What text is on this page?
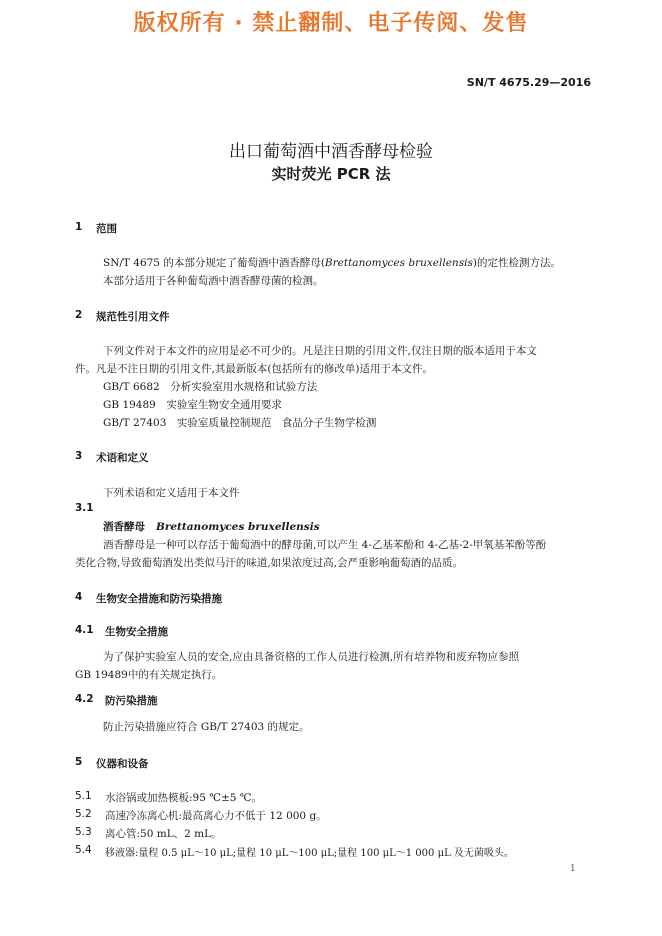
版权所有 · 禁止翻制、电子传阅、发售
SN/T 4675.29—2016
出口葡萄酒中酒香酵母检验
实时荧光 PCR 法
1 范围
SN/T 4675 的本部分规定了葡萄酒中酒香酵母(Brettanomyces bruxellensis)的定性检测方法。
本部分适用于各种葡萄酒中酒香酵母菌的检测。
2 规范性引用文件
下列文件对于本文件的应用是必不可少的。凡是注日期的引用文件,仅注日期的版本适用于本文
件。凡是不注日期的引用文件,其最新版本(包括所有的修改单)适用于本文件。
GB/T 6682　分析实验室用水规格和试验方法
GB 19489　实验室生物安全通用要求
GB/T 27403　实验室质量控制规范　食品分子生物学检测
3 术语和定义
下列术语和定义适用于本文件
3.1
酒香酵母 Brettanomyces bruxellensis
酒香酵母是一种可以存活于葡萄酒中的酵母菌,可以产生 4-乙基苯酚和 4-乙基-2-甲氧基苯酚等酚
类化合物,导致葡萄酒发出类似马汗的味道,如果浓度过高,会严重影响葡萄酒的品质。
4 生物安全措施和防污染措施
4.1 生物安全措施
为了保护实验室人员的安全,应由具备资格的工作人员进行检测,所有培养物和废弃物应参照
GB 19489中的有关规定执行。
4.2 防污染措施
防止污染措施应符合 GB/T 27403 的规定。
5 仪器和设备
5.1 水浴锅或加热模板:95 ℃±5 ℃。
5.2 高速冷冻离心机:最高离心力不低于 12 000 g。
5.3 离心管:50 mL、2 mL。
5.4 移液器:量程 0.5 μL～10 μL;量程 10 μL～100 μL;量程 100 μL～1 000 μL 及无菌吸头。
1
